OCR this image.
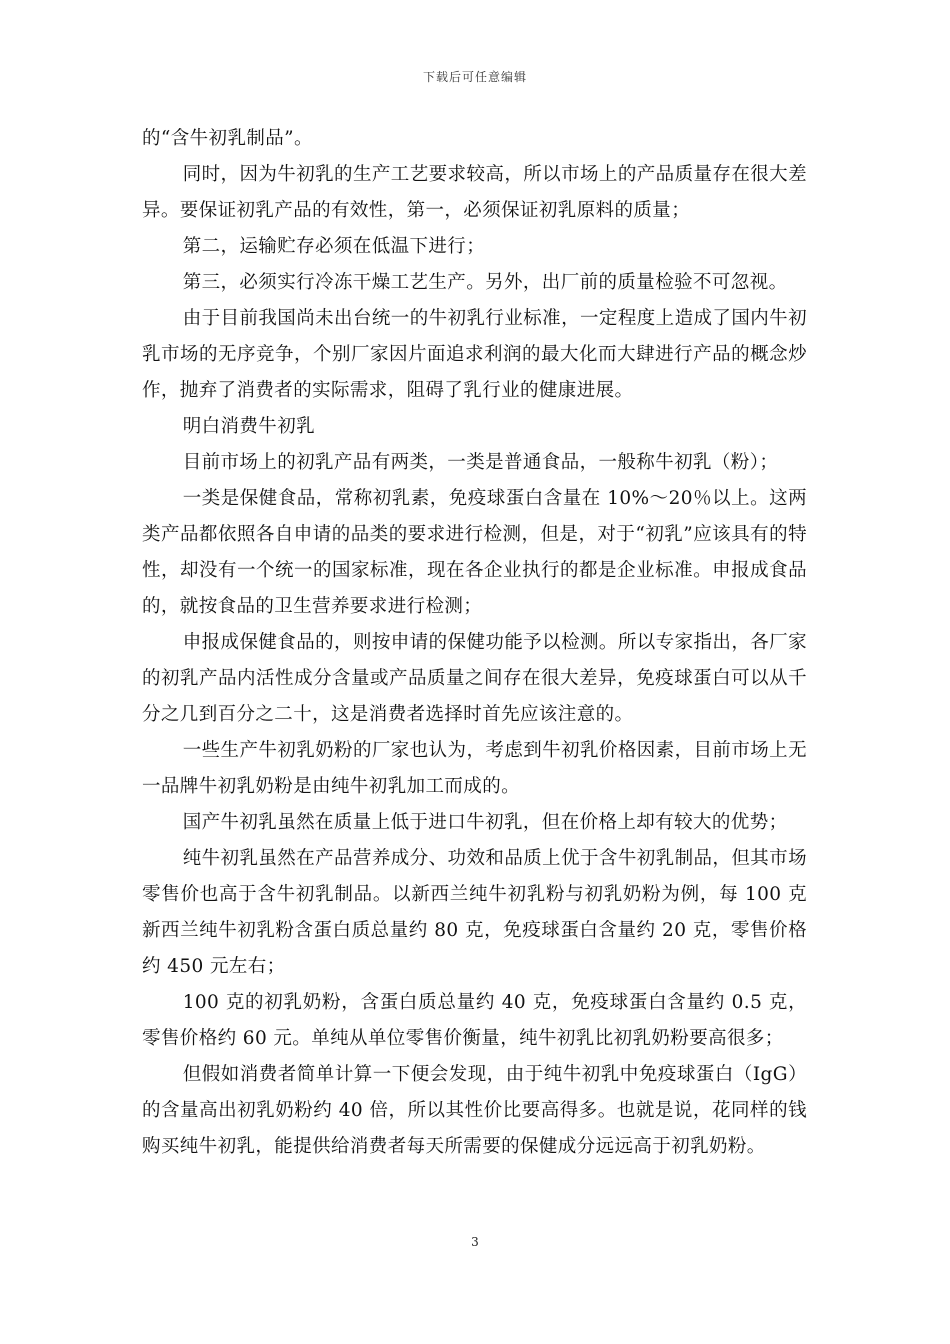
下载后可任意编辑

的“含牛初乳制品”。

同时，因为牛初乳的生产工艺要求较高，所以市场上的产品质量存在很大差异。要保证初乳产品的有效性，第一，必须保证初乳原料的质量；

第二，运输贮存必须在低温下进行；

第三，必须实行冷冻干燥工艺生产。另外，出厂前的质量检验不可忽视。

由于目前我国尚未出台统一的牛初乳行业标准，一定程度上造成了国内牛初乳市场的无序竞争，个别厂家因片面追求利润的最大化而大肆进行产品的概念炒作，抛弃了消费者的实际需求，阻碍了乳行业的健康进展。

明白消费牛初乳

目前市场上的初乳产品有两类，一类是普通食品，一般称牛初乳（粉）；

一类是保健食品，常称初乳素，免疫球蛋白含量在 10%～20％以上。这两类产品都依照各自申请的品类的要求进行检测，但是，对于“初乳”应该具有的特性，却没有一个统一的国家标准，现在各企业执行的都是企业标准。申报成食品的，就按食品的卫生营养要求进行检测；

申报成保健食品的，则按申请的保健功能予以检测。所以专家指出，各厂家的初乳产品内活性成分含量或产品质量之间存在很大差异，免疫球蛋白可以从千分之几到百分之二十，这是消费者选择时首先应该注意的。

一些生产牛初乳奶粉的厂家也认为，考虑到牛初乳价格因素，目前市场上无一品牌牛初乳奶粉是由纯牛初乳加工而成的。

国产牛初乳虽然在质量上低于进口牛初乳，但在价格上却有较大的优势；

纯牛初乳虽然在产品营养成分、功效和品质上优于含牛初乳制品，但其市场零售价也高于含牛初乳制品。以新西兰纯牛初乳粉与初乳奶粉为例，每 100 克新西兰纯牛初乳粉含蛋白质总量约 80 克，免疫球蛋白含量约 20 克，零售价格约 450 元左右；

100 克的初乳奶粉，含蛋白质总量约 40 克，免疫球蛋白含量约 0.5 克，零售价格约 60 元。单纯从单位零售价衡量，纯牛初乳比初乳奶粉要高很多；

但假如消费者简单计算一下便会发现，由于纯牛初乳中免疫球蛋白（IgG）的含量高出初乳奶粉约 40 倍，所以其性价比要高得多。也就是说，花同样的钱购买纯牛初乳，能提供给消费者每天所需要的保健成分远远高于初乳奶粉。

3
